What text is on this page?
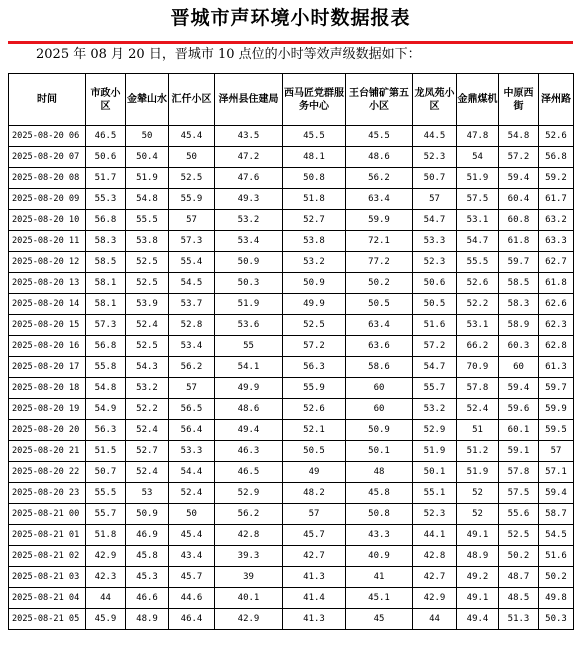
晋城市声环境小时数据报表
2025 年 08 月 20 日，晋城市 10 点位的小时等效声级数据如下：
时间	市政小区	金辇山水	汇仟小区	泽州县住建局	西马匠党群服务中心	王台铺矿第五小区	龙凤苑小区	金鼎煤机	中原西街	泽州路
2025-08-20 06	46.5	50	45.4	43.5	45.5	45.5	44.5	47.8	54.8	52.6
2025-08-20 07	50.6	50.4	50	47.2	48.1	48.6	52.3	54	57.2	56.8
2025-08-20 08	51.7	51.9	52.5	47.6	50.8	56.2	50.7	51.9	59.4	59.2
2025-08-20 09	55.3	54.8	55.9	49.3	51.8	63.4	57	57.5	60.4	61.7
2025-08-20 10	56.8	55.5	57	53.2	52.7	59.9	54.7	53.1	60.8	63.2
2025-08-20 11	58.3	53.8	57.3	53.4	53.8	72.1	53.3	54.7	61.8	63.3
2025-08-20 12	58.5	52.5	55.4	50.9	53.2	77.2	52.3	55.5	59.7	62.7
2025-08-20 13	58.1	52.5	54.5	50.3	50.9	50.2	50.6	52.6	58.5	61.8
2025-08-20 14	58.1	53.9	53.7	51.9	49.9	50.5	50.5	52.2	58.3	62.6
2025-08-20 15	57.3	52.4	52.8	53.6	52.5	63.4	51.6	53.1	58.9	62.3
2025-08-20 16	56.8	52.5	53.4	55	57.2	63.6	57.2	66.2	60.3	62.8
2025-08-20 17	55.8	54.3	56.2	54.1	56.3	58.6	54.7	70.9	60	61.3
2025-08-20 18	54.8	53.2	57	49.9	55.9	60	55.7	57.8	59.4	59.7
2025-08-20 19	54.9	52.2	56.5	48.6	52.6	60	53.2	52.4	59.6	59.9
2025-08-20 20	56.3	52.4	56.4	49.4	52.1	50.9	52.9	51	60.1	59.5
2025-08-20 21	51.5	52.7	53.3	46.3	50.5	50.1	51.9	51.2	59.1	57
2025-08-20 22	50.7	52.4	54.4	46.5	49	48	50.1	51.9	57.8	57.1
2025-08-20 23	55.5	53	52.4	52.9	48.2	45.8	55.1	52	57.5	59.4
2025-08-21 00	55.7	50.9	50	56.2	57	50.8	52.3	52	55.6	58.7
2025-08-21 01	51.8	46.9	45.4	42.8	45.7	43.3	44.1	49.1	52.5	54.5
2025-08-21 02	42.9	45.8	43.4	39.3	42.7	40.9	42.8	48.9	50.2	51.6
2025-08-21 03	42.3	45.3	45.7	39	41.3	41	42.7	49.2	48.7	50.2
2025-08-21 04	44	46.6	44.6	40.1	41.4	45.1	42.9	49.1	48.5	49.8
2025-08-21 05	45.9	48.9	46.4	42.9	41.3	45	44	49.4	51.3	50.3
